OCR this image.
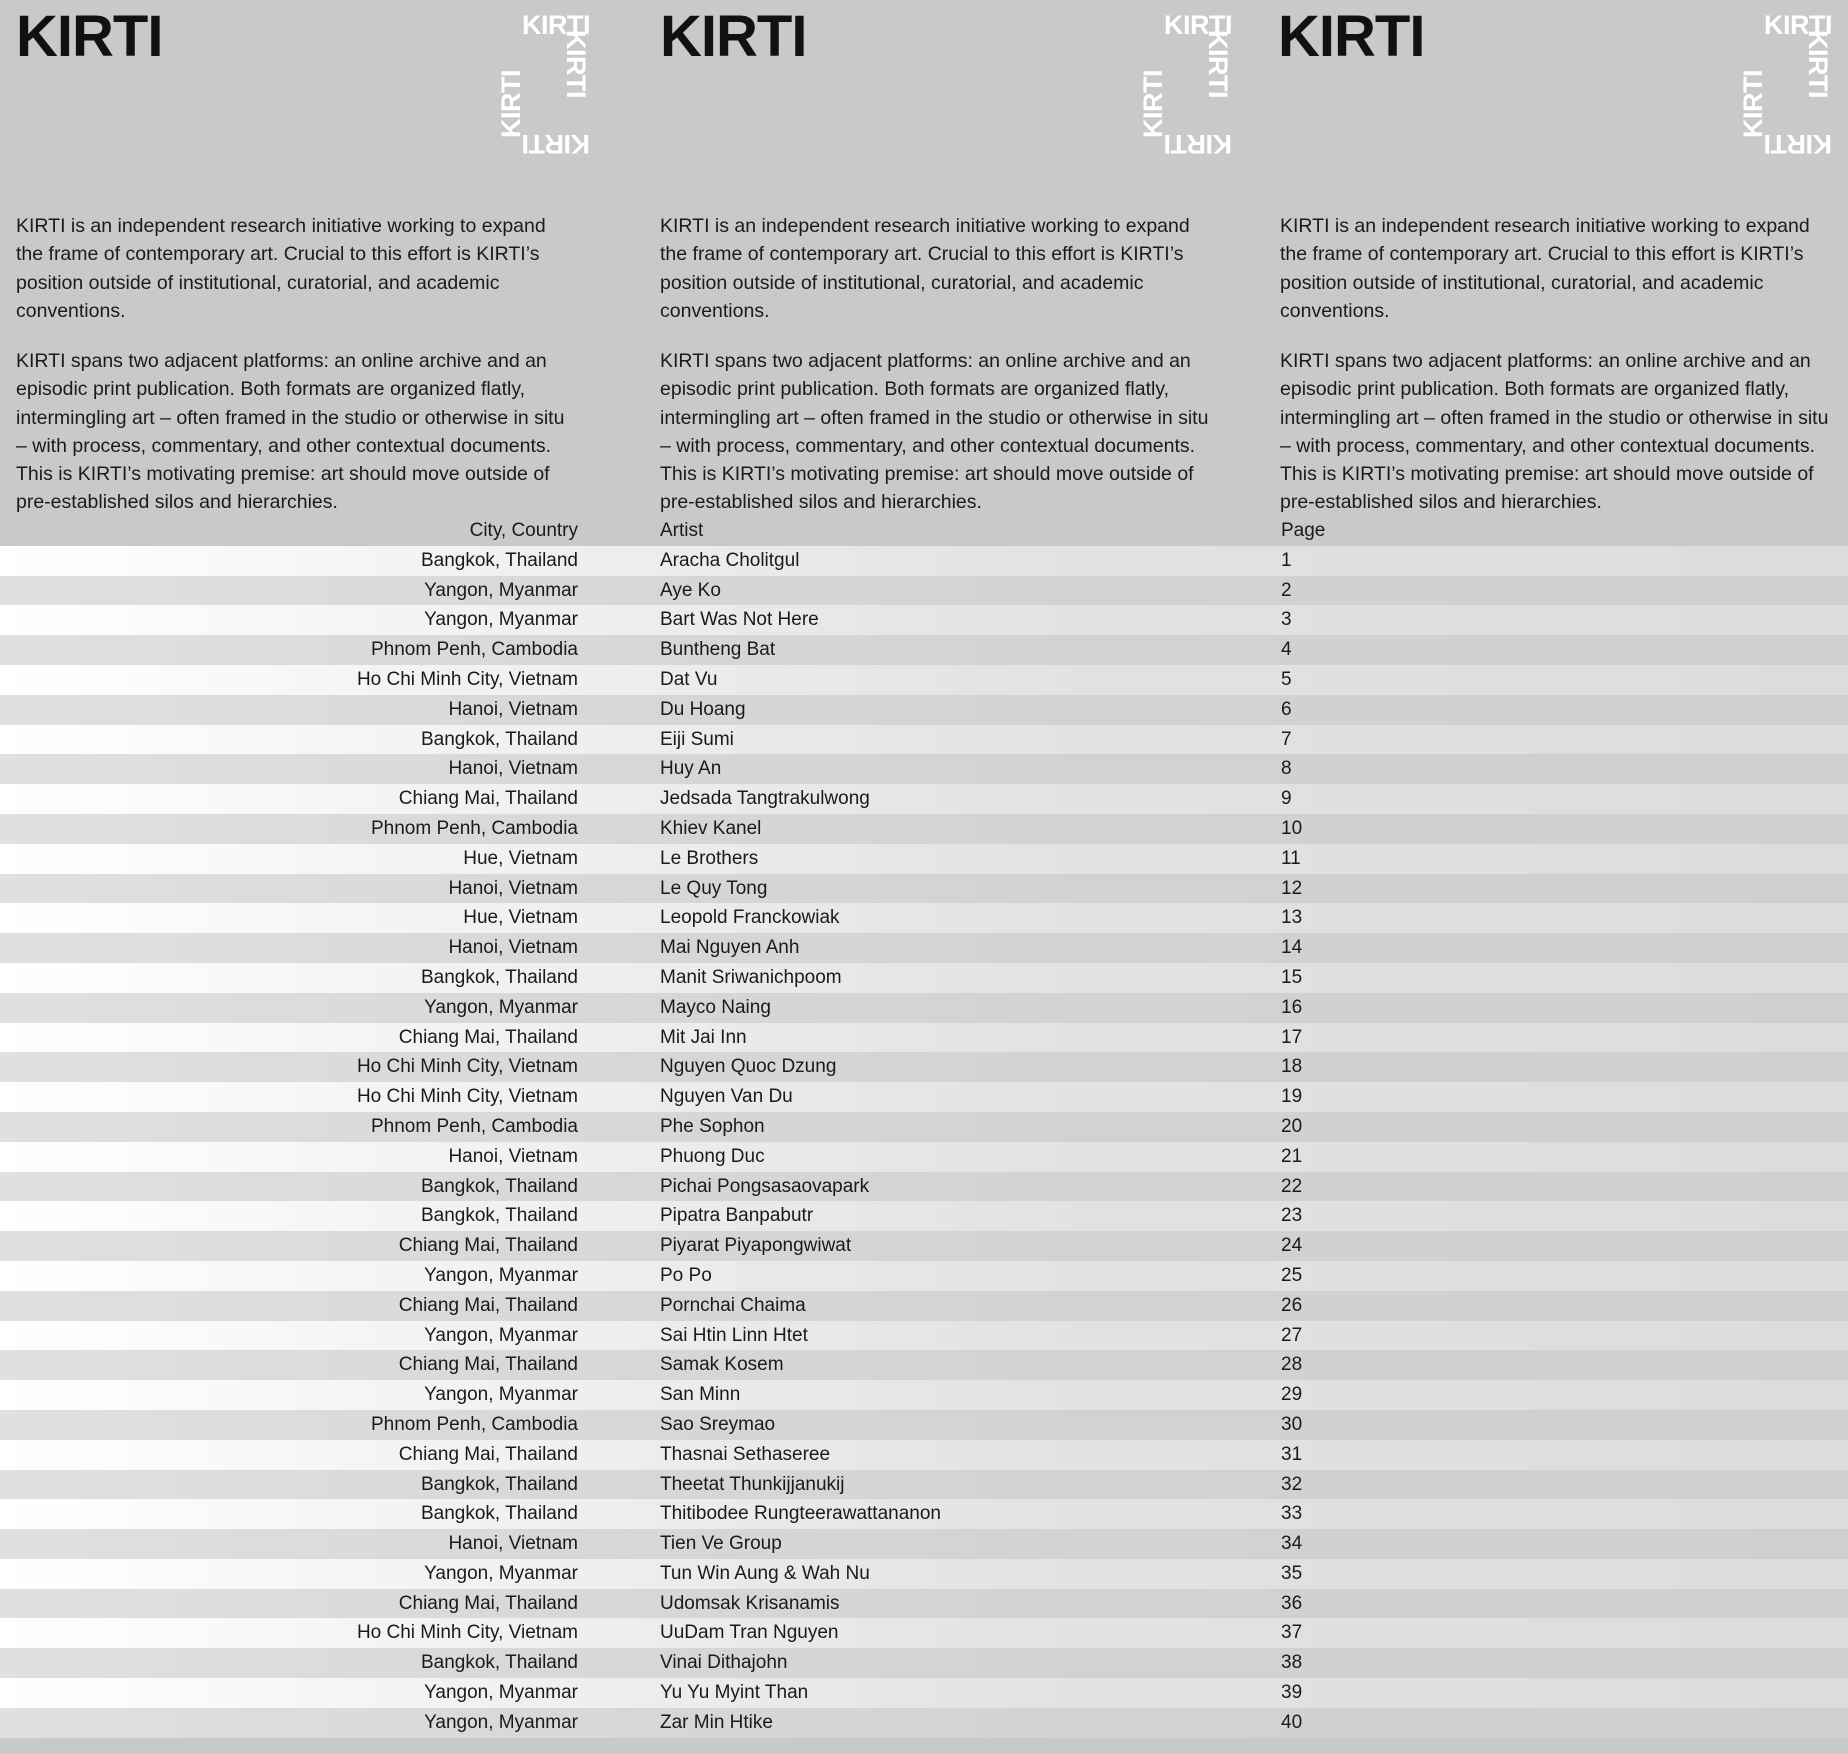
KIRTI
KIRTI
KIRTI
KIRTI
KIRTI
KIRTI
KIRTI
KIRTI
KIRTI
KIRTI
KIRTI
KIRTI
KIRTI
KIRTI
KIRTI

KIRTI is an independent research initiative working to expand the frame of contemporary art. Crucial to this effort is KIRTI’s position outside of institutional, curatorial, and academic conventions.

KIRTI spans two adjacent platforms: an online archive and an episodic print publication. Both formats are organized flatly, intermingling art – often framed in the studio or otherwise in situ – with process, commentary, and other contextual documents. This is KIRTI’s motivating premise: art should move outside of pre-established silos and hierarchies.

KIRTI is an independent research initiative working to expand the frame of contemporary art. Crucial to this effort is KIRTI’s position outside of institutional, curatorial, and academic conventions.

KIRTI spans two adjacent platforms: an online archive and an episodic print publication. Both formats are organized flatly, intermingling art – often framed in the studio or otherwise in situ – with process, commentary, and other contextual documents. This is KIRTI’s motivating premise: art should move outside of pre-established silos and hierarchies.

KIRTI is an independent research initiative working to expand the frame of contemporary art. Crucial to this effort is KIRTI’s position outside of institutional, curatorial, and academic conventions.

KIRTI spans two adjacent platforms: an online archive and an episodic print publication. Both formats are organized flatly, intermingling art – often framed in the studio or otherwise in situ – with process, commentary, and other contextual documents. This is KIRTI’s motivating premise: art should move outside of pre-established silos and hierarchies.

City, Country	Artist	Page
Bangkok, Thailand	Aracha Cholitgul	1
Yangon, Myanmar	Aye Ko	2
Yangon, Myanmar	Bart Was Not Here	3
Phnom Penh, Cambodia	Buntheng Bat	4
Ho Chi Minh City, Vietnam	Dat Vu	5
Hanoi, Vietnam	Du Hoang	6
Bangkok, Thailand	Eiji Sumi	7
Hanoi, Vietnam	Huy An	8
Chiang Mai, Thailand	Jedsada Tangtrakulwong	9
Phnom Penh, Cambodia	Khiev Kanel	10
Hue, Vietnam	Le Brothers	11
Hanoi, Vietnam	Le Quy Tong	12
Hue, Vietnam	Leopold Franckowiak	13
Hanoi, Vietnam	Mai Nguyen Anh	14
Bangkok, Thailand	Manit Sriwanichpoom	15
Yangon, Myanmar	Mayco Naing	16
Chiang Mai, Thailand	Mit Jai Inn	17
Ho Chi Minh City, Vietnam	Nguyen Quoc Dzung	18
Ho Chi Minh City, Vietnam	Nguyen Van Du	19
Phnom Penh, Cambodia	Phe Sophon	20
Hanoi, Vietnam	Phuong Duc	21
Bangkok, Thailand	Pichai Pongsasaovapark	22
Bangkok, Thailand	Pipatra Banpabutr	23
Chiang Mai, Thailand	Piyarat Piyapongwiwat	24
Yangon, Myanmar	Po Po	25
Chiang Mai, Thailand	Pornchai Chaima	26
Yangon, Myanmar	Sai Htin Linn Htet	27
Chiang Mai, Thailand	Samak Kosem	28
Yangon, Myanmar	San Minn	29
Phnom Penh, Cambodia	Sao Sreymao	30
Chiang Mai, Thailand	Thasnai Sethaseree	31
Bangkok, Thailand	Theetat Thunkijjanukij	32
Bangkok, Thailand	Thitibodee Rungteerawattananon	33
Hanoi, Vietnam	Tien Ve Group	34
Yangon, Myanmar	Tun Win Aung & Wah Nu	35
Chiang Mai, Thailand	Udomsak Krisanamis	36
Ho Chi Minh City, Vietnam	UuDam Tran Nguyen	37
Bangkok, Thailand	Vinai Dithajohn	38
Yangon, Myanmar	Yu Yu Myint Than	39
Yangon, Myanmar	Zar Min Htike	40
